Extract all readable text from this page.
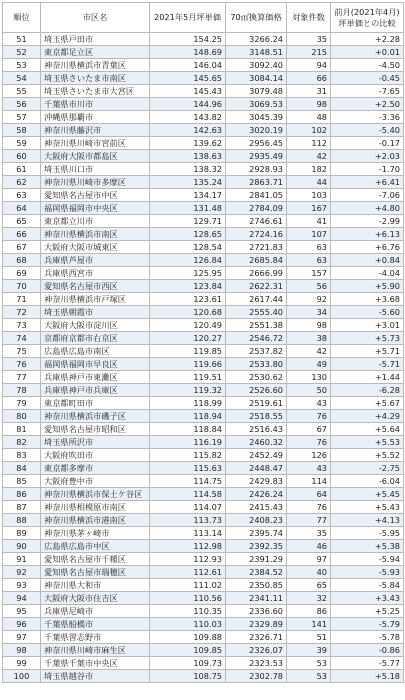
順位	市区名	2021年5月坪単価	70㎡換算価格	対象件数	前月(2021年4月)坪単価との比較
51	埼玉県戸田市	154.25	3266.24	35	+2.28
52	東京都足立区	148.69	3148.51	215	+0.01
53	神奈川県横浜市青葉区	146.04	3092.40	94	-4.50
54	埼玉県さいたま市南区	145.65	3084.14	66	-0.45
55	埼玉県さいたま市大宮区	145.43	3079.48	31	-7.65
56	千葉県市川市	144.96	3069.53	98	+2.50
57	沖縄県那覇市	143.82	3045.39	48	-3.36
58	神奈川県藤沢市	142.63	3020.19	102	-5.40
59	神奈川県川崎市宮前区	139.62	2956.45	112	-0.17
60	大阪府大阪市都島区	138.63	2935.49	42	+2.03
61	埼玉県川口市	138.32	2928.93	182	-1.70
62	神奈川県川崎市多摩区	135.24	2863.71	44	+6.41
63	愛知県名古屋市中区	134.17	2841.05	103	-7.06
64	福岡県福岡市中央区	131.48	2784.09	167	+4.80
65	東京都立川市	129.71	2746.61	41	-2.99
66	神奈川県横浜市南区	128.65	2724.16	107	+6.13
67	大阪府大阪市城東区	128.54	2721.83	63	+6.76
68	兵庫県芦屋市	126.84	2685.84	63	+0.84
69	兵庫県西宮市	125.95	2666.99	157	-4.04
70	愛知県名古屋市西区	123.84	2622.31	56	+5.90
71	神奈川県横浜市戸塚区	123.61	2617.44	92	+3.68
72	埼玉県朝霞市	120.68	2555.40	34	-5.60
73	大阪府大阪市淀川区	120.49	2551.38	98	+3.01
74	京都府京都市右京区	120.27	2546.72	38	+5.73
75	広島県広島市南区	119.85	2537.82	42	+5.71
76	福岡県福岡市早良区	119.66	2533.80	49	-5.71
77	兵庫県神戸市東灘区	119.51	2530.62	130	+1.44
78	兵庫県神戸市兵庫区	119.32	2526.60	50	-6.28
79	東京都町田市	118.99	2519.61	43	+5.67
80	神奈川県横浜市磯子区	118.94	2518.55	76	+4.29
81	愛知県名古屋市昭和区	118.84	2516.43	67	+5.64
82	埼玉県所沢市	116.19	2460.32	76	+5.53
83	大阪府吹田市	115.82	2452.49	126	+5.52
84	東京都多摩市	115.63	2448.47	43	-2.75
85	大阪府豊中市	114.75	2429.83	114	-6.04
86	神奈川県横浜市保土ケ谷区	114.58	2426.24	64	+5.45
87	神奈川県相模原市南区	114.07	2415.43	76	+5.43
88	神奈川県横浜市港南区	113.73	2408.23	77	+4.13
89	神奈川県茅ヶ崎市	113.14	2395.74	35	-5.95
90	広島県広島市中区	112.98	2392.35	46	+5.38
91	愛知県名古屋市千種区	112.93	2391.29	97	-5.94
92	愛知県名古屋市瑞穂区	112.61	2384.52	40	-5.93
93	神奈川県大和市	111.02	2350.85	65	-5.84
94	大阪府大阪市住吉区	110.56	2341.11	32	+3.43
95	兵庫県尼崎市	110.35	2336.60	86	+5.25
96	千葉県船橋市	110.03	2329.89	141	-5.79
97	千葉県習志野市	109.88	2326.71	51	-5.78
98	神奈川県川崎市麻生区	109.85	2326.07	39	-0.86
99	千葉県千葉市中央区	109.73	2323.53	53	-5.77
100	埼玉県越谷市	108.75	2302.78	53	+5.18
